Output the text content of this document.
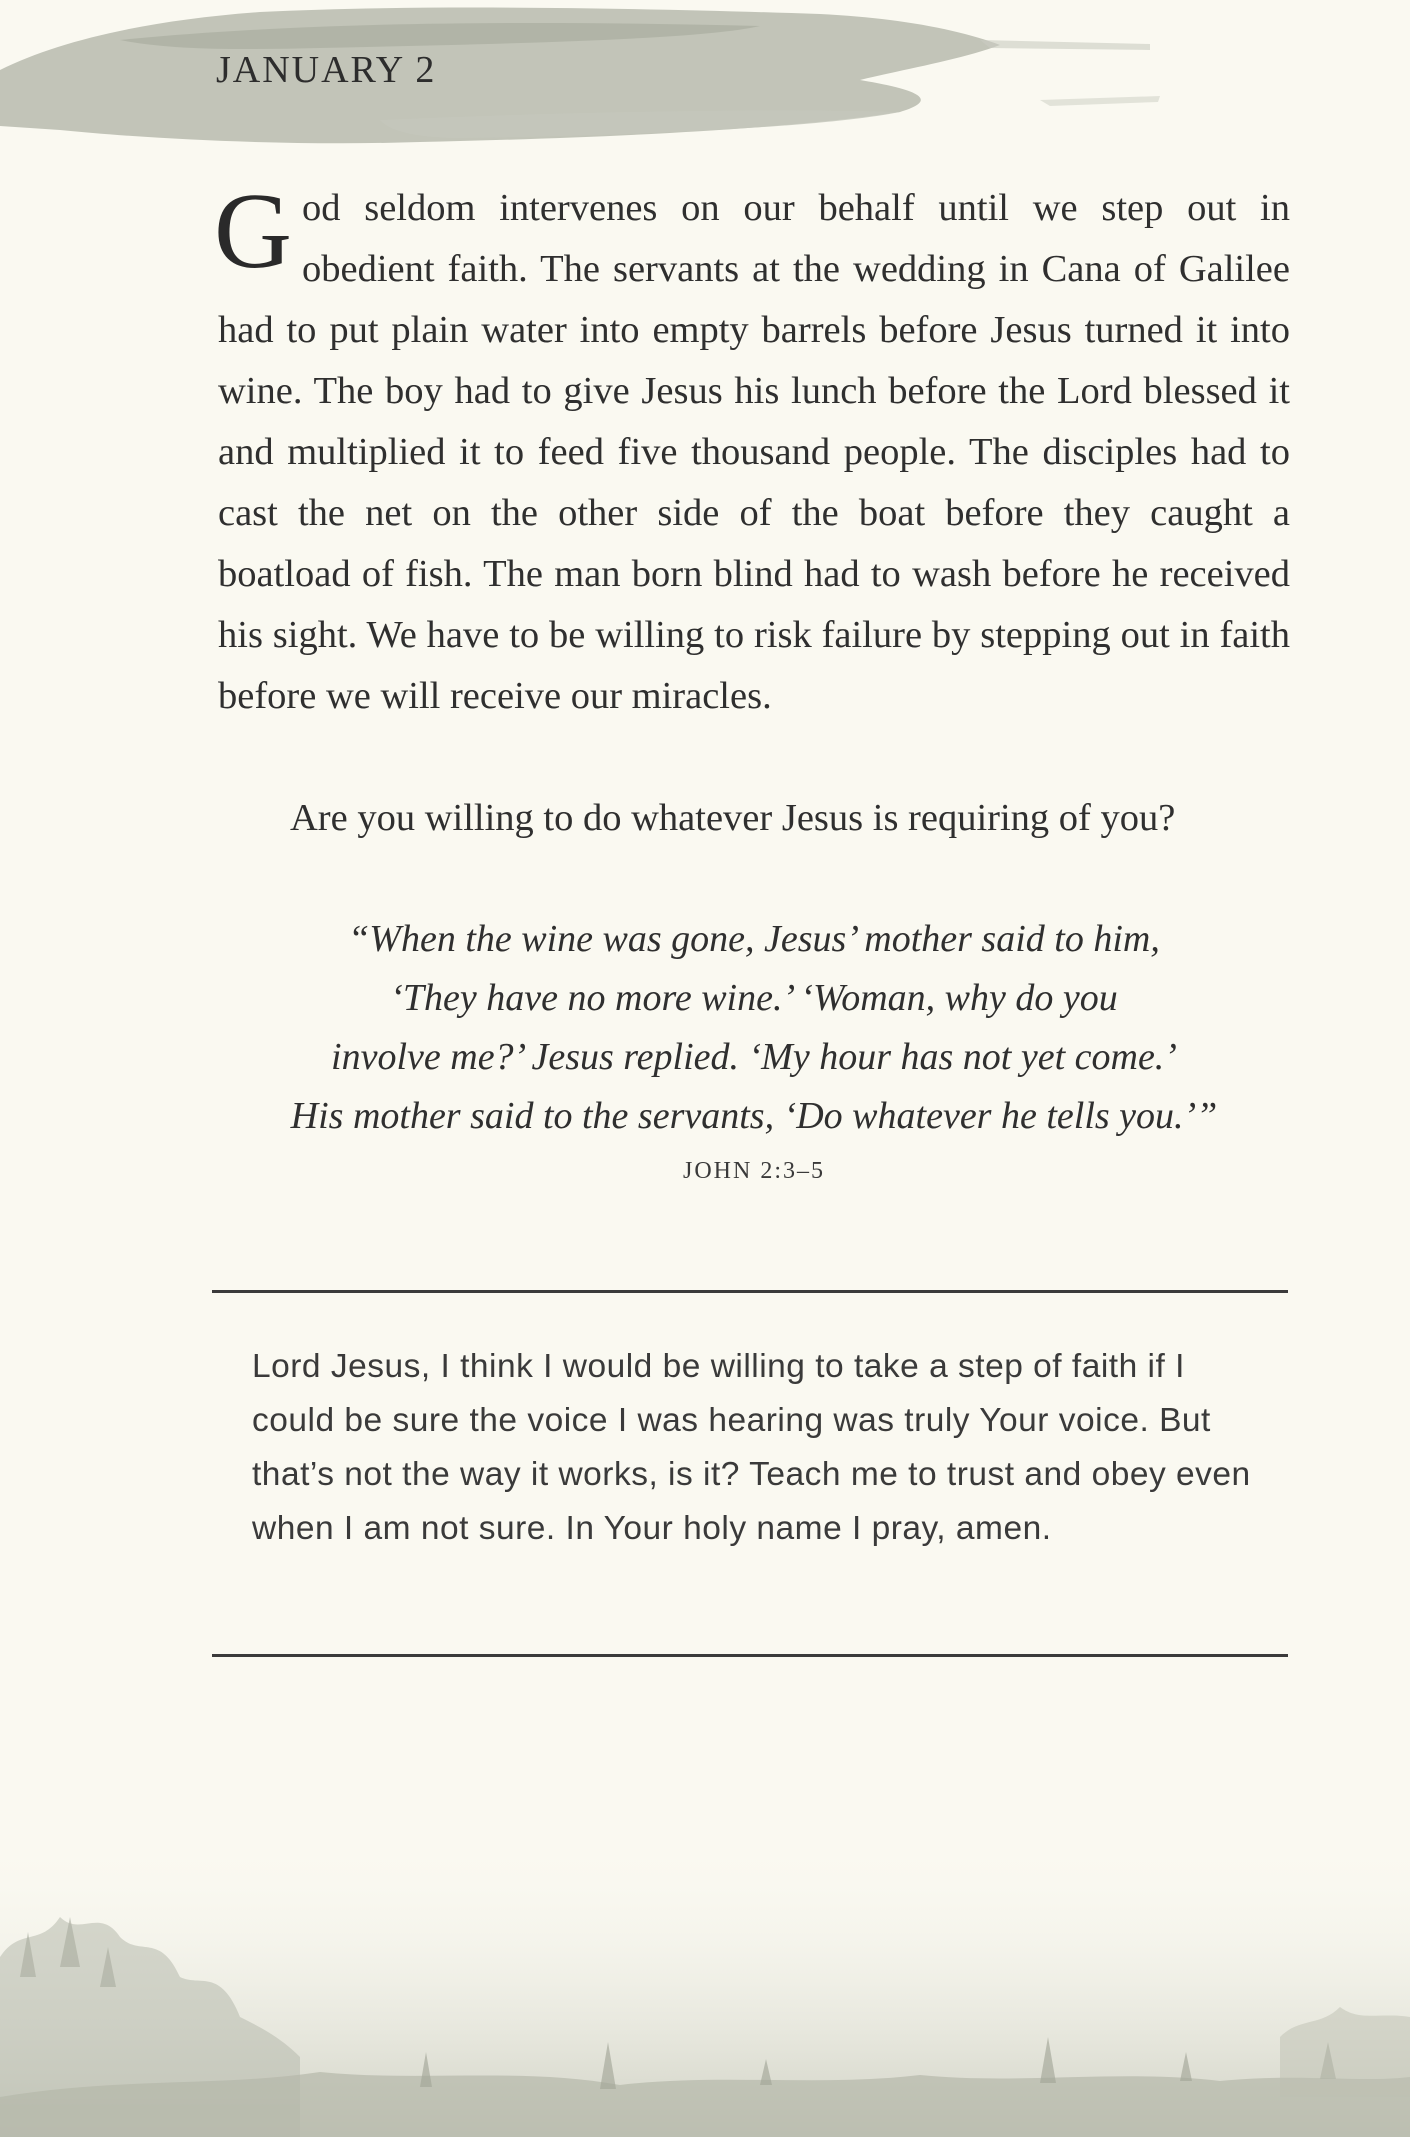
JANUARY 2

God seldom intervenes on our behalf until we step out in obedient faith. The servants at the wedding in Cana of Galilee had to put plain water into empty barrels before Jesus turned it into wine. The boy had to give Jesus his lunch before the Lord blessed it and multiplied it to feed five thousand people. The disciples had to cast the net on the other side of the boat before they caught a boatload of fish. The man born blind had to wash before he received his sight. We have to be willing to risk failure by stepping out in faith before we will receive our miracles.

Are you willing to do whatever Jesus is requiring of you?

“When the wine was gone, Jesus’ mother said to him,

‘They have no more wine.’ ‘Woman, why do you

involve me?’ Jesus replied. ‘My hour has not yet come.’

His mother said to the servants, ‘Do whatever he tells you.’”

JOHN 2:3–5

Lord Jesus, I think I would be willing to take a step of faith if I could be sure the voice I was hearing was truly Your voice. But that’s not the way it works, is it? Teach me to trust and obey even when I am not sure. In Your holy name I pray, amen.
